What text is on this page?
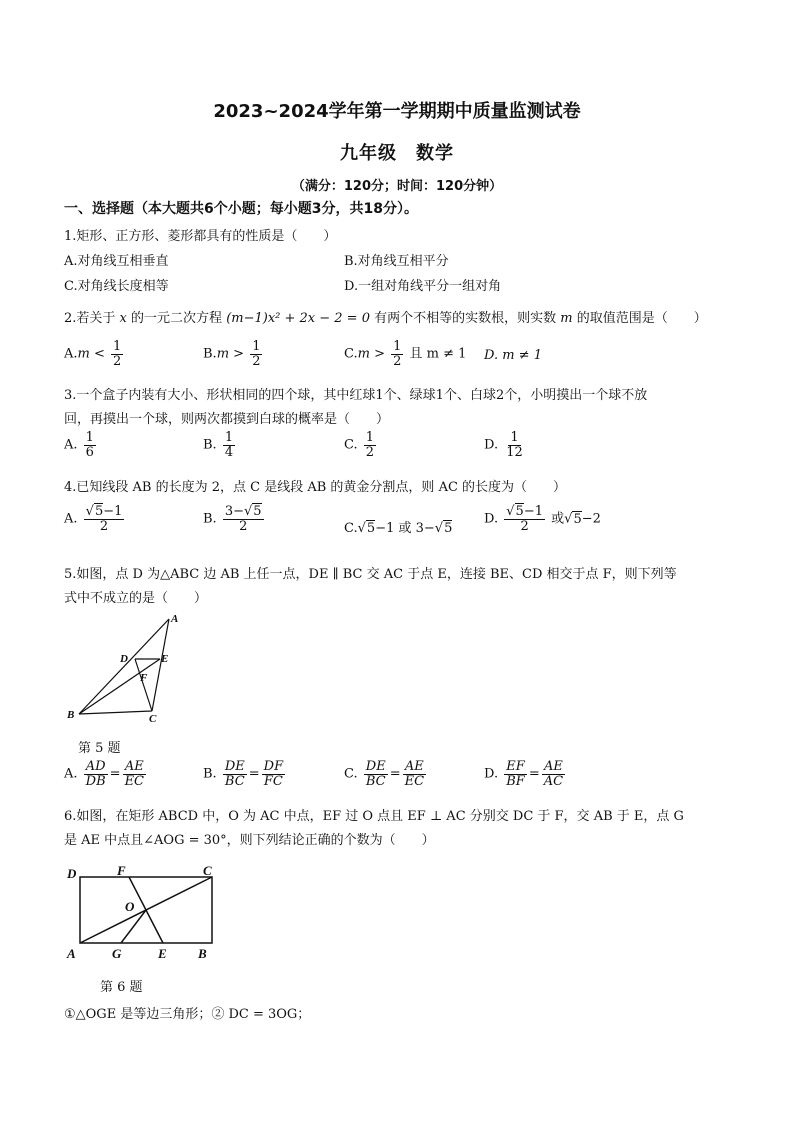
2023~2024学年第一学期期中质量监测试卷
九年级　数学
（满分：120分；时间：120分钟）
一、选择题（本大题共6个小题；每小题3分，共18分）。
1.矩形、正方形、菱形都具有的性质是（　　）
A.对角线互相垂直	B.对角线互相平分
C.对角线长度相等	D.一组对角线平分一组对角
2.若关于 x 的一元二次方程 (m−1)x² + 2x − 2 = 0 有两个不相等的实数根，则实数 m 的取值范围是（　　）
$A.m < \frac{1}{2}$	$B.m > \frac{1}{2}$	$C.m > \frac{1}{2}$ 且 m ≠ 1 D. m ≠ 1
3.一个盒子内装有大小、形状相同的四个球，其中红球1个、绿球1个、白球2个，小明摸出一个球不放
回，再摸出一个球，则两次都摸到白球的概率是（　　）
A. $\frac{1}{6}$	B. $\frac{1}{4}$	C. $\frac{1}{2}$	D. $\frac{1}{12}$
4.已知线段 AB 的长度为 2，点 C 是线段 AB 的黄金分割点，则 AC 的长度为（　　）
A. $\frac{√5-1}{2}$	B. $\frac{3-√5}{2}$	C.√5−1 或 3−√5
D. $\frac{√5-1}{2}$ 或√5−2
5.如图，点 D 为△ABC 边 AB 上任一点，DE ∥ BC 交 AC 于点 E，连接 BE、CD 相交于点 F，则下列等
式中不成立的是（　　）
A
B	C
D	E
F
第 5 题
A. $\frac{AD}{DB} = \frac{AE}{EC}$	B. $\frac{DE}{BC} = \frac{DF}{FC}$	C. $\frac{DE}{BC} = \frac{AE}{EC}$	D. $\frac{EF}{BF} = \frac{AE}{AC}$
6.如图，在矩形 ABCD 中，O 为 AC 中点，EF 过 O 点且 EF ⊥ AC 分别交 DC 于 F，交 AB 于 E，点 G
是 AE 中点且∠AOG = 30°，则下列结论正确的个数为（　　）
D	F	C
O
A	G	E B
第 6 题
①△OGE 是等边三角形；② DC = 3OG；
